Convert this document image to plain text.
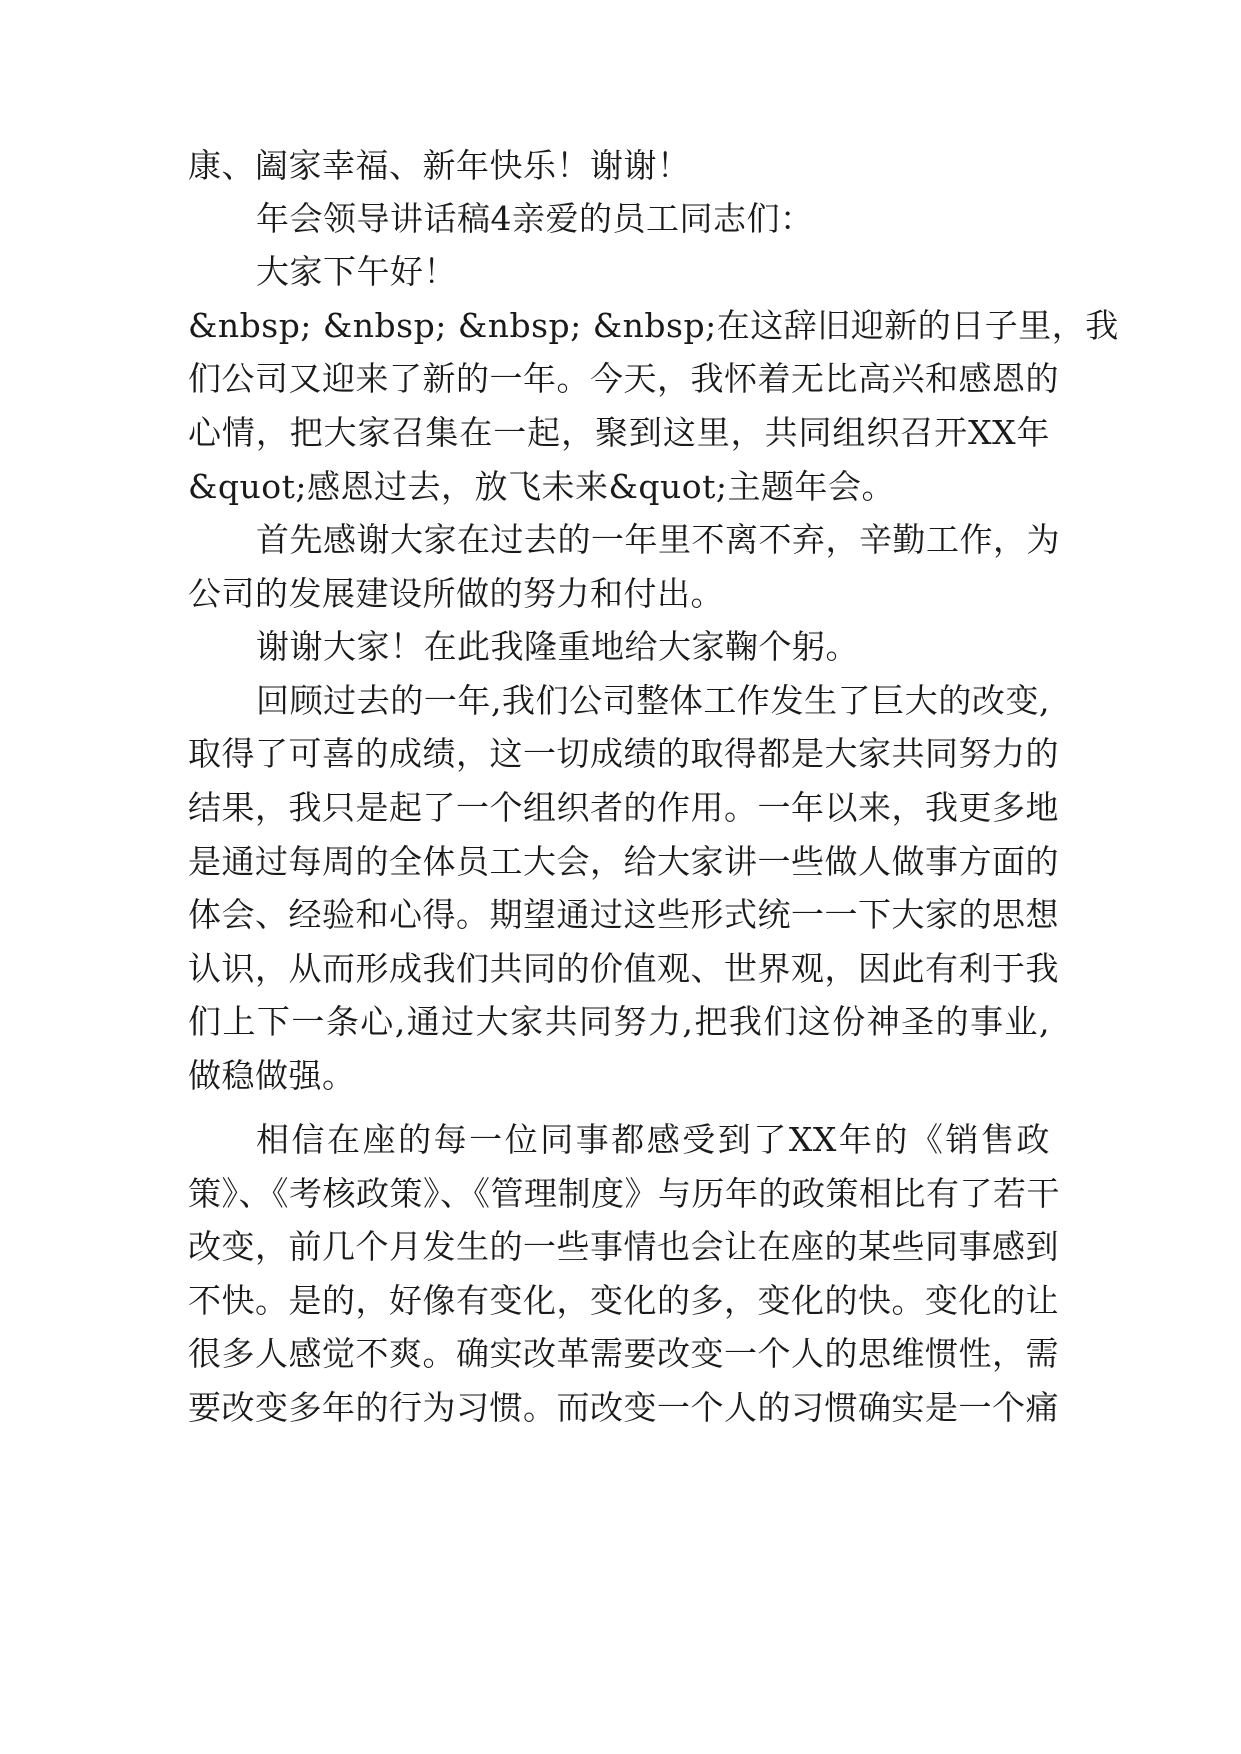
康、阖家幸福、新年快乐！谢谢！
年会领导讲话稿4亲爱的员工同志们：
大家下午好！
&nbsp; &nbsp; &nbsp; &nbsp;在这辞旧迎新的日子里，我
们公司又迎来了新的一年。今天，我怀着无比高兴和感恩的
心情，把大家召集在一起，聚到这里，共同组织召开XX年
&quot;感恩过去，放飞未来&quot;主题年会。
首先感谢大家在过去的一年里不离不弃，辛勤工作，为
公司的发展建设所做的努力和付出。
谢谢大家！在此我隆重地给大家鞠个躬。
回顾过去的一年,我们公司整体工作发生了巨大的改变,
取得了可喜的成绩，这一切成绩的取得都是大家共同努力的
结果，我只是起了一个组织者的作用。一年以来，我更多地
是通过每周的全体员工大会，给大家讲一些做人做事方面的
体会、经验和心得。期望通过这些形式统一一下大家的思想
认识，从而形成我们共同的价值观、世界观，因此有利于我
们上下一条心,通过大家共同努力,把我们这份神圣的事业,
做稳做强。
相信在座的每一位同事都感受到了XX年的《销售政
策》、《考核政策》、《管理制度》与历年的政策相比有了若干
改变，前几个月发生的一些事情也会让在座的某些同事感到
不快。是的，好像有变化，变化的多，变化的快。变化的让
很多人感觉不爽。确实改革需要改变一个人的思维惯性，需
要改变多年的行为习惯。而改变一个人的习惯确实是一个痛
